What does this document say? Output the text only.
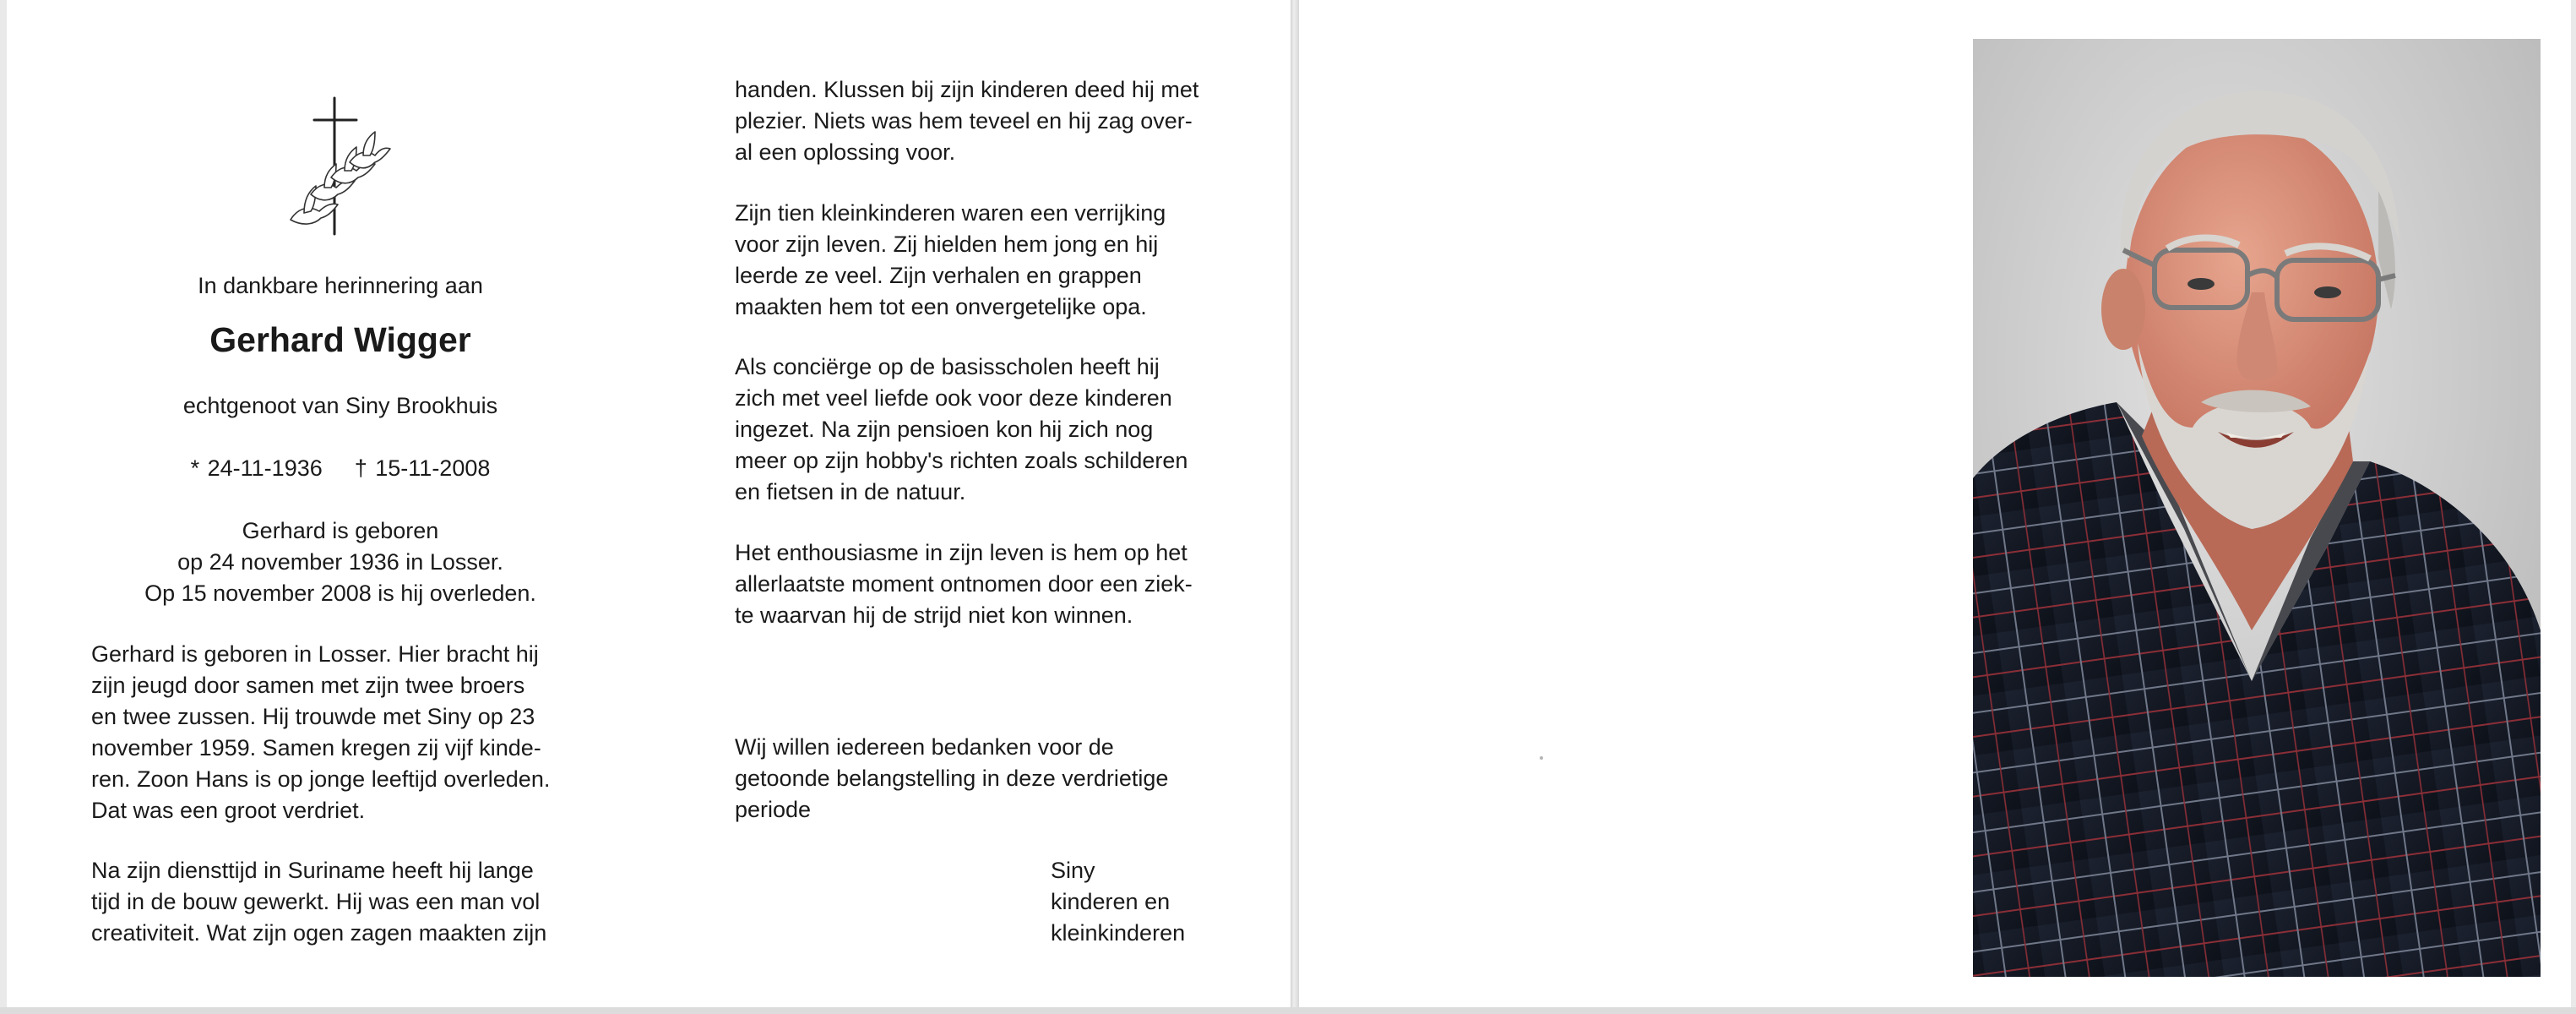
In dankbare herinnering aan
Gerhard Wigger
echtgenoot van Siny Brookhuis
* 24-11-1936 † 15-11-2008
Gerhard is geboren
op 24 november 1936 in Losser.
Op 15 november 2008 is hij overleden.
Gerhard is geboren in Losser. Hier bracht hij
zijn jeugd door samen met zijn twee broers
en twee zussen. Hij trouwde met Siny op 23
november 1959. Samen kregen zij vijf kinde-
ren. Zoon Hans is op jonge leeftijd overleden.
Dat was een groot verdriet.
Na zijn diensttijd in Suriname heeft hij lange
tijd in de bouw gewerkt. Hij was een man vol
creativiteit. Wat zijn ogen zagen maakten zijn
handen. Klussen bij zijn kinderen deed hij met
plezier. Niets was hem teveel en hij zag over-
al een oplossing voor.
Zijn tien kleinkinderen waren een verrijking
voor zijn leven. Zij hielden hem jong en hij
leerde ze veel. Zijn verhalen en grappen
maakten hem tot een onvergetelijke opa.
Als conciërge op de basisscholen heeft hij
zich met veel liefde ook voor deze kinderen
ingezet. Na zijn pensioen kon hij zich nog
meer op zijn hobby's richten zoals schilderen
en fietsen in de natuur.
Het enthousiasme in zijn leven is hem op het
allerlaatste moment ontnomen door een ziek-
te waarvan hij de strijd niet kon winnen.
Wij willen iedereen bedanken voor de
getoonde belangstelling in deze verdrietige
periode
Siny
kinderen en
kleinkinderen
